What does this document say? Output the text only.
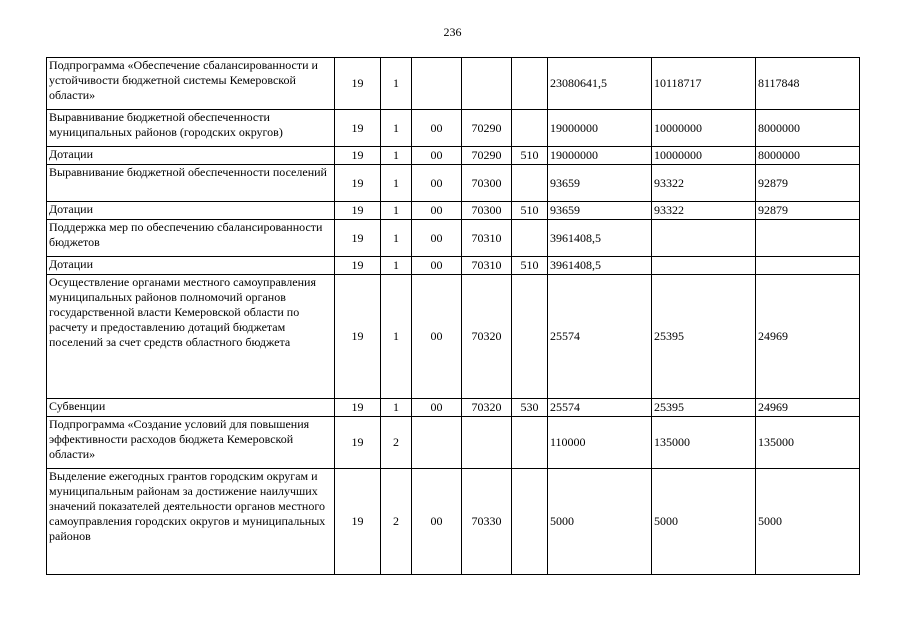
236
Подпрограмма «Обеспечение сбалансированности и устойчивости бюджетной системы Кемеровской области»	19	1				23080641,5	10118717	8117848
Выравнивание бюджетной обеспеченности муниципальных районов (городских округов)	19	1	00	70290		19000000	10000000	8000000
Дотации	19	1	00	70290	510	19000000	10000000	8000000
Выравнивание бюджетной обеспеченности поселений	19	1	00	70300		93659	93322	92879
Дотации	19	1	00	70300	510	93659	93322	92879
Поддержка мер по обеспечению сбалансированности бюджетов	19	1	00	70310		3961408,5		
Дотации	19	1	00	70310	510	3961408,5		
Осуществление органами местного самоуправления муниципальных районов полномочий органов государственной власти Кемеровской области по расчету и предоставлению дотаций бюджетам поселений за счет средств областного бюджета	19	1	00	70320		25574	25395	24969
Субвенции	19	1	00	70320	530	25574	25395	24969
Подпрограмма «Создание условий для повышения эффективности расходов бюджета Кемеровской области»	19	2				110000	135000	135000
Выделение ежегодных грантов городским округам и муниципальным районам за достижение наилучших значений показателей деятельности органов местного самоуправления городских округов и муниципальных районов	19	2	00	70330		5000	5000	5000
